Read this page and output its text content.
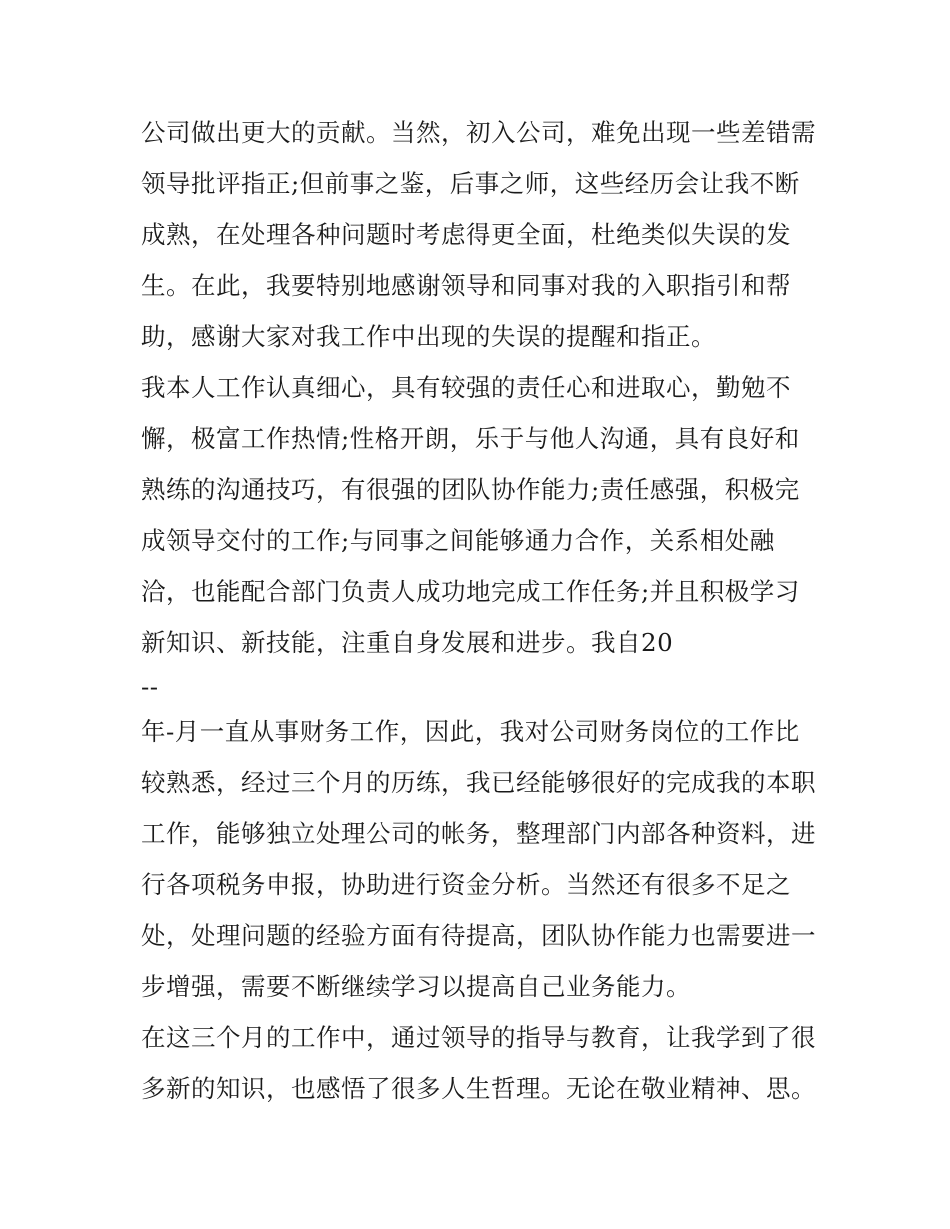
公司做出更大的贡献。当然，初入公司，难免出现一些差错需
领导批评指正;但前事之鉴，后事之师，这些经历会让我不断
成熟，在处理各种问题时考虑得更全面，杜绝类似失误的发
生。在此，我要特别地感谢领导和同事对我的入职指引和帮
助，感谢大家对我工作中出现的失误的提醒和指正。
我本人工作认真细心，具有较强的责任心和进取心，勤勉不
懈，极富工作热情;性格开朗，乐于与他人沟通，具有良好和
熟练的沟通技巧，有很强的团队协作能力;责任感强，积极完
成领导交付的工作;与同事之间能够通力合作，关系相处融
洽，也能配合部门负责人成功地完成工作任务;并且积极学习
新知识、新技能，注重自身发展和进步。我自20
--
年-月一直从事财务工作，因此，我对公司财务岗位的工作比
较熟悉，经过三个月的历练，我已经能够很好的完成我的本职
工作，能够独立处理公司的帐务，整理部门内部各种资料，进
行各项税务申报，协助进行资金分析。当然还有很多不足之
处，处理问题的经验方面有待提高，团队协作能力也需要进一
步增强，需要不断继续学习以提高自己业务能力。
在这三个月的工作中，通过领导的指导与教育，让我学到了很
多新的知识，也感悟了很多人生哲理。无论在敬业精神、思。
